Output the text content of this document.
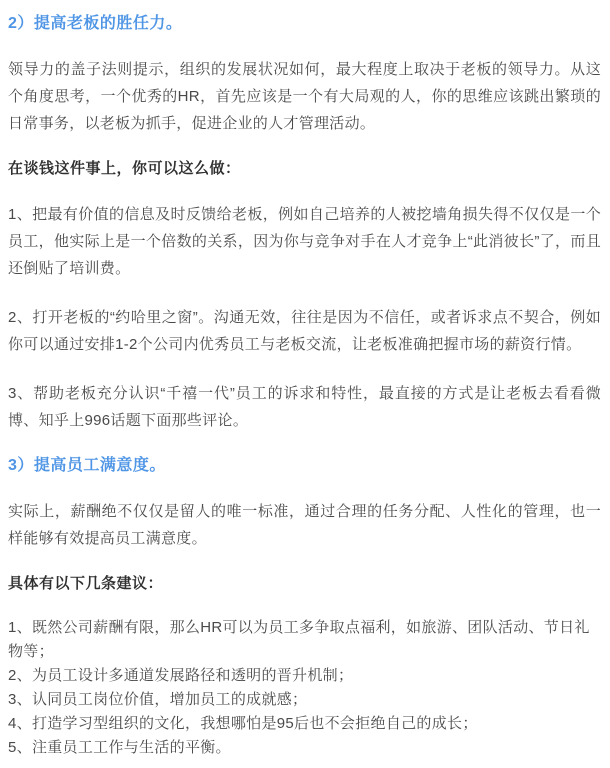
2）提高老板的胜任力。

领导力的盖子法则提示，组织的发展状况如何，最大程度上取决于老板的领导力。从这个角度思考，一个优秀的HR，首先应该是一个有大局观的人，你的思维应该跳出繁琐的日常事务，以老板为抓手，促进企业的人才管理活动。

在谈钱这件事上，你可以这么做：

1、把最有价值的信息及时反馈给老板，例如自己培养的人被挖墙角损失得不仅仅是一个员工，他实际上是一个倍数的关系，因为你与竞争对手在人才竞争上“此消彼长”了，而且还倒贴了培训费。

2、打开老板的“约哈里之窗”。沟通无效，往往是因为不信任，或者诉求点不契合，例如你可以通过安排1-2个公司内优秀员工与老板交流，让老板准确把握市场的薪资行情。

3、帮助老板充分认识“千禧一代”员工的诉求和特性，最直接的方式是让老板去看看微博、知乎上996话题下面那些评论。

3）提高员工满意度。

实际上，薪酬绝不仅仅是留人的唯一标准，通过合理的任务分配、人性化的管理，也一样能够有效提高员工满意度。

具体有以下几条建议：
1、既然公司薪酬有限，那么HR可以为员工多争取点福利，如旅游、团队活动、节日礼物等；
2、为员工设计多通道发展路径和透明的晋升机制；
3、认同员工岗位价值，增加员工的成就感；
4、打造学习型组织的文化，我想哪怕是95后也不会拒绝自己的成长；
5、注重员工工作与生活的平衡。
